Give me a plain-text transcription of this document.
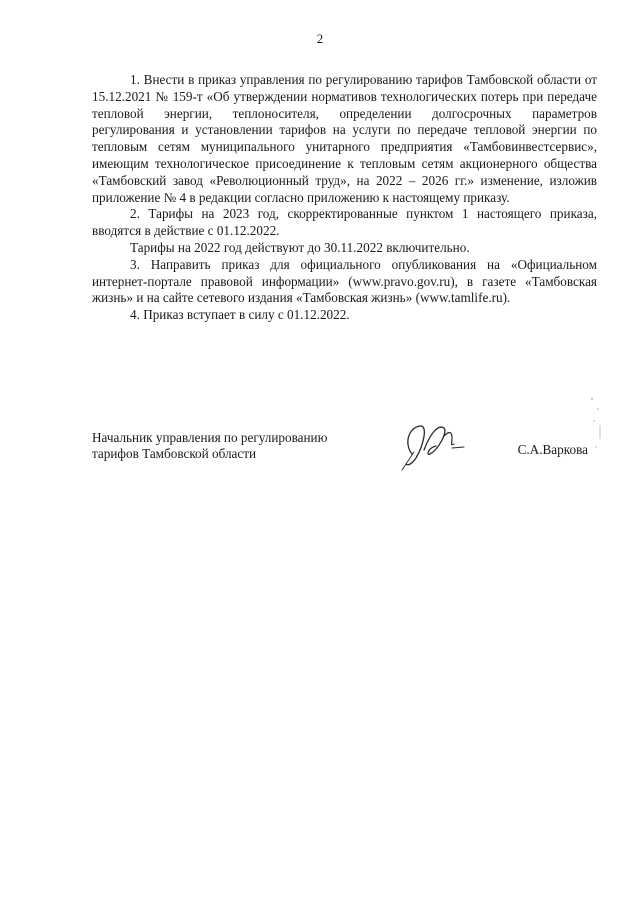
2

1. Внести в приказ управления по регулированию тарифов Тамбовской области от 15.12.2021 № 159-т «Об утверждении нормативов технологических потерь при передаче тепловой энергии, теплоносителя, определении долгосрочных параметров регулирования и установлении тарифов на услуги по передаче тепловой энергии по тепловым сетям муниципального унитарного предприятия «Тамбовинвестсервис», имеющим технологическое присоединение к тепловым сетям акционерного общества «Тамбовский завод «Революционный труд», на 2022 – 2026 гг.» изменение, изложив приложение № 4 в редакции согласно приложению к настоящему приказу.

2. Тарифы на 2023 год, скорректированные пунктом 1 настоящего приказа, вводятся в действие с 01.12.2022.

Тарифы на 2022 год действуют до 30.11.2022 включительно.

3. Направить приказ для официального опубликования на «Официальном интернет-портале правовой информации» (www.pravo.gov.ru), в газете «Тамбовская жизнь» и на сайте сетевого издания «Тамбовская жизнь» (www.tamlife.ru).

4. Приказ вступает в силу с 01.12.2022.

Начальник управления по регулированию
тарифов Тамбовской области	С.А.Варкова
